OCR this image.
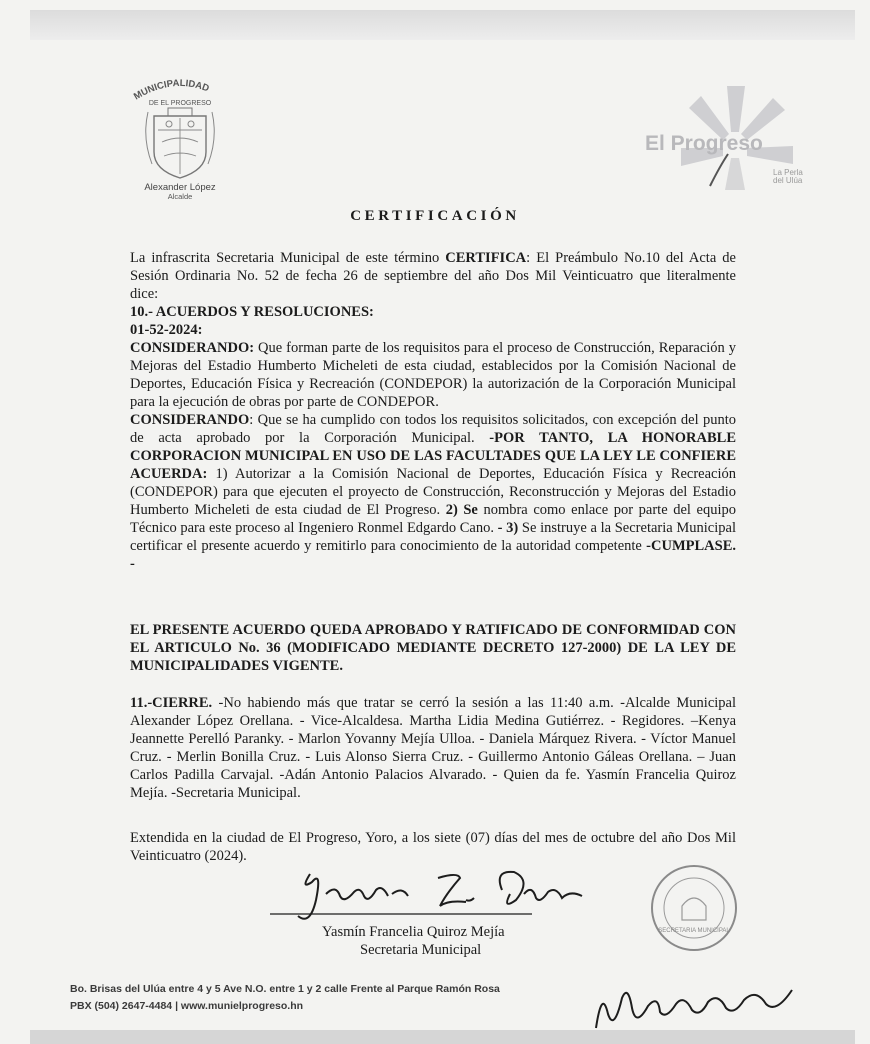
MUNICIPALIDAD
DE EL PROGRESO
Alexander López
Alcalde
El Progreso
La Perla
del Ulúa
CERTIFICACIÓN

La infrascrita Secretaria Municipal de este término CERTIFICA: El Preámbulo No.10 del Acta de Sesión Ordinaria No. 52 de fecha 26 de septiembre del año Dos Mil Veinticuatro que literalmente dice:

10.- ACUERDOS Y RESOLUCIONES:

01-52-2024:

CONSIDERANDO: Que forman parte de los requisitos para el proceso de Construcción, Reparación y Mejoras del Estadio Humberto Micheleti de esta ciudad, establecidos por la Comisión Nacional de Deportes, Educación Física y Recreación (CONDEPOR) la autorización de la Corporación Municipal para la ejecución de obras por parte de CONDEPOR.

CONSIDERANDO: Que se ha cumplido con todos los requisitos solicitados, con excepción del punto de acta aprobado por la Corporación Municipal. -POR TANTO, LA HONORABLE CORPORACION MUNICIPAL EN USO DE LAS FACULTADES QUE LA LEY LE CONFIERE ACUERDA: 1) Autorizar a la Comisión Nacional de Deportes, Educación Física y Recreación (CONDEPOR) para que ejecuten el proyecto de Construcción, Reconstrucción y Mejoras del Estadio Humberto Micheleti de esta ciudad de El Progreso. 2) Se nombra como enlace por parte del equipo Técnico para este proceso al Ingeniero Ronmel Edgardo Cano. - 3) Se instruye a la Secretaria Municipal certificar el presente acuerdo y remitirlo para conocimiento de la autoridad competente -CUMPLASE. -

EL PRESENTE ACUERDO QUEDA APROBADO Y RATIFICADO DE CONFORMIDAD CON EL ARTICULO No. 36 (MODIFICADO MEDIANTE DECRETO 127-2000) DE LA LEY DE MUNICIPALIDADES VIGENTE.
11.-CIERRE. -No habiendo más que tratar se cerró la sesión a las 11:40 a.m. -Alcalde Municipal Alexander López Orellana. - Vice-Alcaldesa. Martha Lidia Medina Gutiérrez. - Regidores. –Kenya Jeannette Perelló Paranky. - Marlon Yovanny Mejía Ulloa. - Daniela Márquez Rivera. - Víctor Manuel Cruz. - Merlin Bonilla Cruz. - Luis Alonso Sierra Cruz. - Guillermo Antonio Gáleas Orellana. – Juan Carlos Padilla Carvajal. -Adán Antonio Palacios Alvarado. - Quien da fe. Yasmín Francelia Quiroz Mejía. -Secretaria Municipal.
Extendida en la ciudad de El Progreso, Yoro, a los siete (07) días del mes de octubre del año Dos Mil Veinticuatro (2024).
Yasmín Francelia Quiroz Mejía
Secretaria Municipal
SECRETARIA MUNICIPAL
Bo. Brisas del Ulúa entre 4 y 5 Ave N.O. entre 1 y 2 calle Frente al Parque Ramón Rosa
PBX (504) 2647-4484 | www.munielprogreso.hn
